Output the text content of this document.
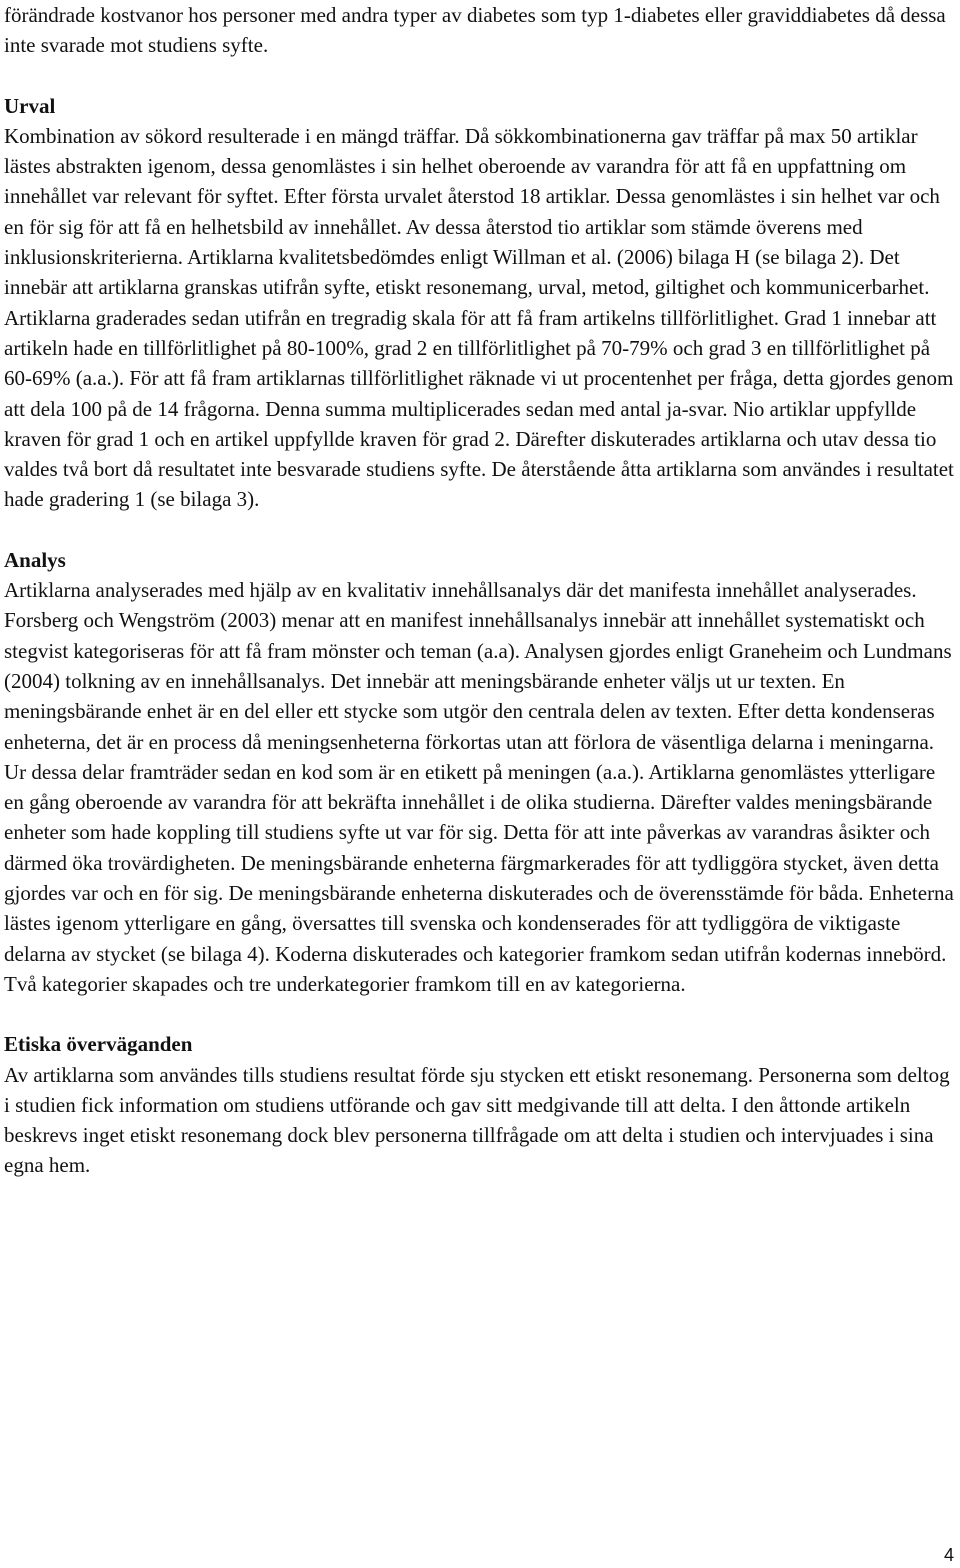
förändrade kostvanor hos personer med andra typer av diabetes som typ 1-diabetes eller graviddiabetes då dessa inte svarade mot studiens syfte.

Urval

Kombination av sökord resulterade i en mängd träffar. Då sökkombinationerna gav träffar på max 50 artiklar lästes abstrakten igenom, dessa genomlästes i sin helhet oberoende av varandra för att få en uppfattning om innehållet var relevant för syftet. Efter första urvalet återstod 18 artiklar. Dessa genomlästes i sin helhet var och en för sig för att få en helhetsbild av innehållet. Av dessa återstod tio artiklar som stämde överens med inklusionskriterierna. Artiklarna kvalitetsbedömdes enligt Willman et al. (2006) bilaga H (se bilaga 2). Det innebär att artiklarna granskas utifrån syfte, etiskt resonemang, urval, metod, giltighet och kommunicerbarhet. Artiklarna graderades sedan utifrån en tregradig skala för att få fram artikelns tillförlitlighet. Grad 1 innebar att artikeln hade en tillförlitlighet på 80-100%, grad 2 en tillförlitlighet på 70-79% och grad 3 en tillförlitlighet på 60-69% (a.a.). För att få fram artiklarnas tillförlitlighet räknade vi ut procentenhet per fråga, detta gjordes genom att dela 100 på de 14 frågorna. Denna summa multiplicerades sedan med antal ja-svar. Nio artiklar uppfyllde kraven för grad 1 och en artikel uppfyllde kraven för grad 2. Därefter diskuterades artiklarna och utav dessa tio valdes två bort då resultatet inte besvarade studiens syfte. De återstående åtta artiklarna som användes i resultatet hade gradering 1 (se bilaga 3).

Analys

Artiklarna analyserades med hjälp av en kvalitativ innehållsanalys där det manifesta innehållet analyserades. Forsberg och Wengström (2003) menar att en manifest innehållsanalys innebär att innehållet systematiskt och stegvist kategoriseras för att få fram mönster och teman (a.a). Analysen gjordes enligt Graneheim och Lundmans (2004) tolkning av en innehållsanalys. Det innebär att meningsbärande enheter väljs ut ur texten. En meningsbärande enhet är en del eller ett stycke som utgör den centrala delen av texten. Efter detta kondenseras enheterna, det är en process då meningsenheterna förkortas utan att förlora de väsentliga delarna i meningarna. Ur dessa delar framträder sedan en kod som är en etikett på meningen (a.a.). Artiklarna genomlästes ytterligare en gång oberoende av varandra för att bekräfta innehållet i de olika studierna. Därefter valdes meningsbärande enheter som hade koppling till studiens syfte ut var för sig. Detta för att inte påverkas av varandras åsikter och därmed öka trovärdigheten. De meningsbärande enheterna färgmarkerades för att tydliggöra stycket, även detta gjordes var och en för sig. De meningsbärande enheterna diskuterades och de överensstämde för båda. Enheterna lästes igenom ytterligare en gång, översattes till svenska och kondenserades för att tydliggöra de viktigaste delarna av stycket (se bilaga 4). Koderna diskuterades och kategorier framkom sedan utifrån kodernas innebörd. Två kategorier skapades och tre underkategorier framkom till en av kategorierna.

Etiska överväganden

Av artiklarna som användes tills studiens resultat förde sju stycken ett etiskt resonemang. Personerna som deltog i studien fick information om studiens utförande och gav sitt medgivande till att delta. I den åttonde artikeln beskrevs inget etiskt resonemang dock blev personerna tillfrågade om att delta i studien och intervjuades i sina egna hem.

4
